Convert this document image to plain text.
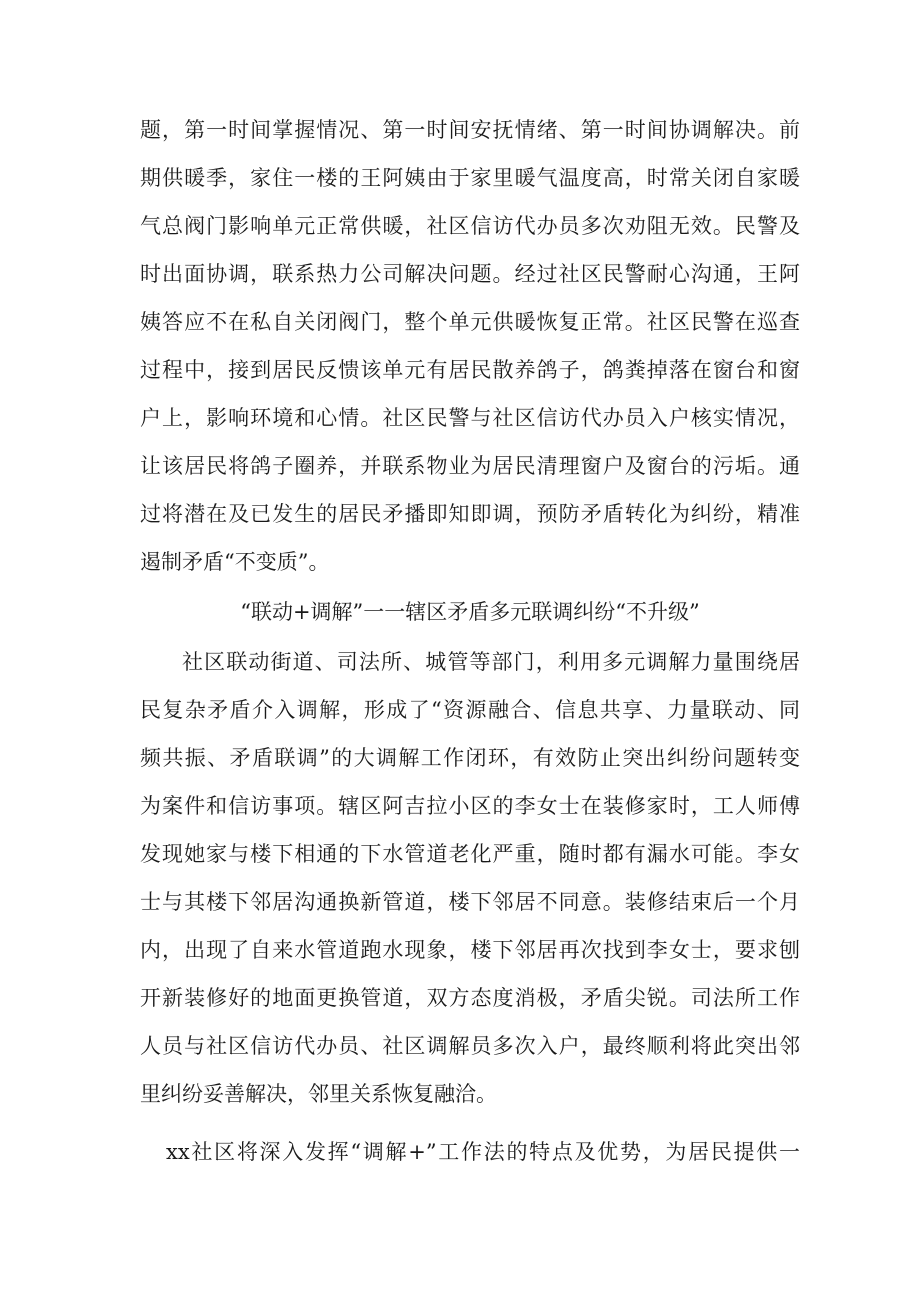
题，第一时间掌握情况、第一时间安抚情绪、第一时间协调解决。前
期供暖季，家住一楼的王阿姨由于家里暖气温度高，时常关闭自家暖
气总阀门影响单元正常供暖，社区信访代办员多次劝阻无效。民警及
时出面协调，联系热力公司解决问题。经过社区民警耐心沟通，王阿
姨答应不在私自关闭阀门，整个单元供暖恢复正常。社区民警在巡查
过程中，接到居民反愦该单元有居民散养鸽子，鸽粪掉落在窗台和窗
户上，影响环境和心情。社区民警与社区信访代办员入户核实情况，
让该居民将鸽子圈养，并联系物业为居民清理窗户及窗台的污垢。通
过将潜在及已发生的居民矛播即知即调，预防矛盾转化为纠纷，精准
遏制矛盾“不变质”。
“联动+调解”一一辖区矛盾多元联调纠纷“不升级”
社区联动街道、司法所、城管等部门，利用多元调解力量围绕居
民复杂矛盾介入调解，形成了“资源融合、信息共享、力量联动、同
频共振、矛盾联调”的大调解工作闭环，有效防止突出纠纷问题转变
为案件和信访事项。辖区阿吉拉小区的李女士在装修家时，工人师傅
发现她家与楼下相通的下水管道老化严重，随时都有漏水可能。李女
士与其楼下邻居沟通换新管道，楼下邻居不同意。装修结束后一个月
内，出现了自来水管道跑水现象，楼下邻居再次找到李女士，要求刨
开新装修好的地面更换管道，双方态度消极，矛盾尖锐。司法所工作
人员与社区信访代办员、社区调解员多次入户，最终顺利将此突出邻
里纠纷妥善解决，邻里关系恢复融洽。
xx社区将深入发挥“调解+”工作法的特点及优势，为居民提供一
